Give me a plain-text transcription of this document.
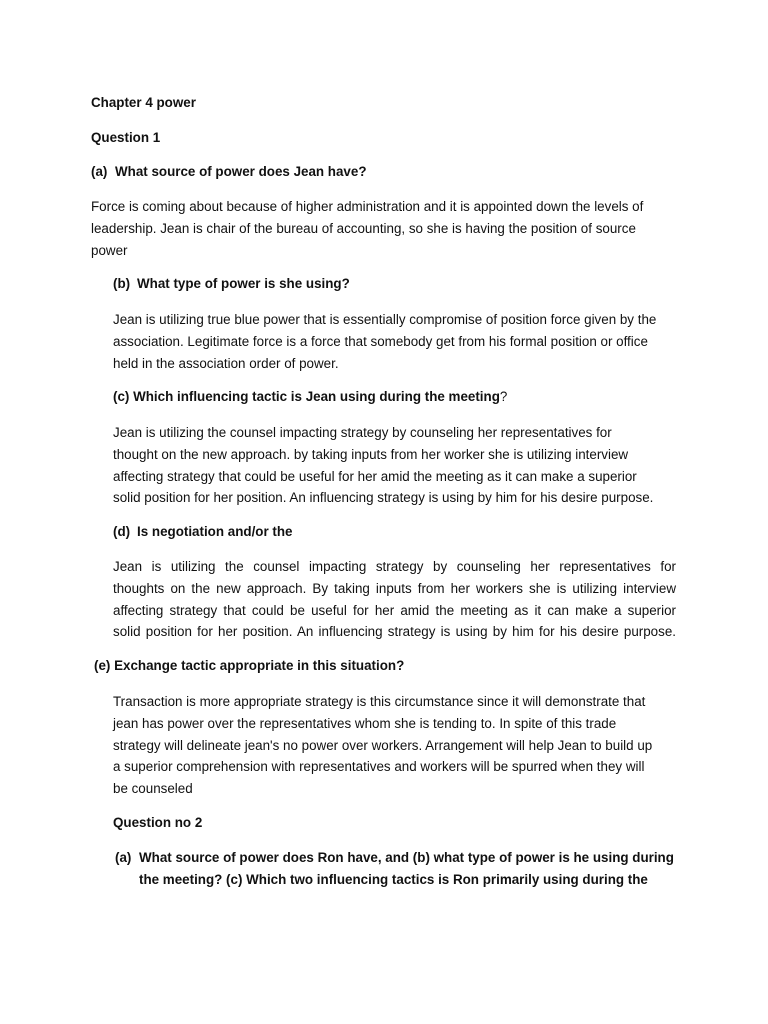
Chapter 4 power
Question 1
(a) What source of power does Jean have?
Force is coming about because of higher administration and it is appointed down the levels of
leadership. Jean is chair of the bureau of accounting, so she is having the position of source
power
(b) What type of power is she using?
Jean is utilizing true blue power that is essentially compromise of position force given by the
association. Legitimate force is a force that somebody get from his formal position or office
held in the association order of power.
(c) Which influencing tactic is Jean using during the meeting?
Jean is utilizing the counsel impacting strategy by counseling her representatives for
thought on the new approach. by taking inputs from her worker she is utilizing interview
affecting strategy that could be useful for her amid the meeting as it can make a superior
solid position for her position. An influencing strategy is using by him for his desire purpose.
(d) Is negotiation and/or the
Jean is utilizing the counsel impacting strategy by counseling her representatives for
thoughts on the new approach. By taking inputs from her workers she is utilizing interview
affecting strategy that could be useful for her amid the meeting as it can make a superior
solid position for her position. An influencing strategy is using by him for his desire purpose.
(e) Exchange tactic appropriate in this situation?
Transaction is more appropriate strategy is this circumstance since it will demonstrate that
jean has power over the representatives whom she is tending to. In spite of this trade
strategy will delineate jean's no power over workers. Arrangement will help Jean to build up
a superior comprehension with representatives and workers will be spurred when they will
be counseled
Question no 2
(a) What source of power does Ron have, and (b) what type of power is he using during
the meeting? (c) Which two influencing tactics is Ron primarily using during the
